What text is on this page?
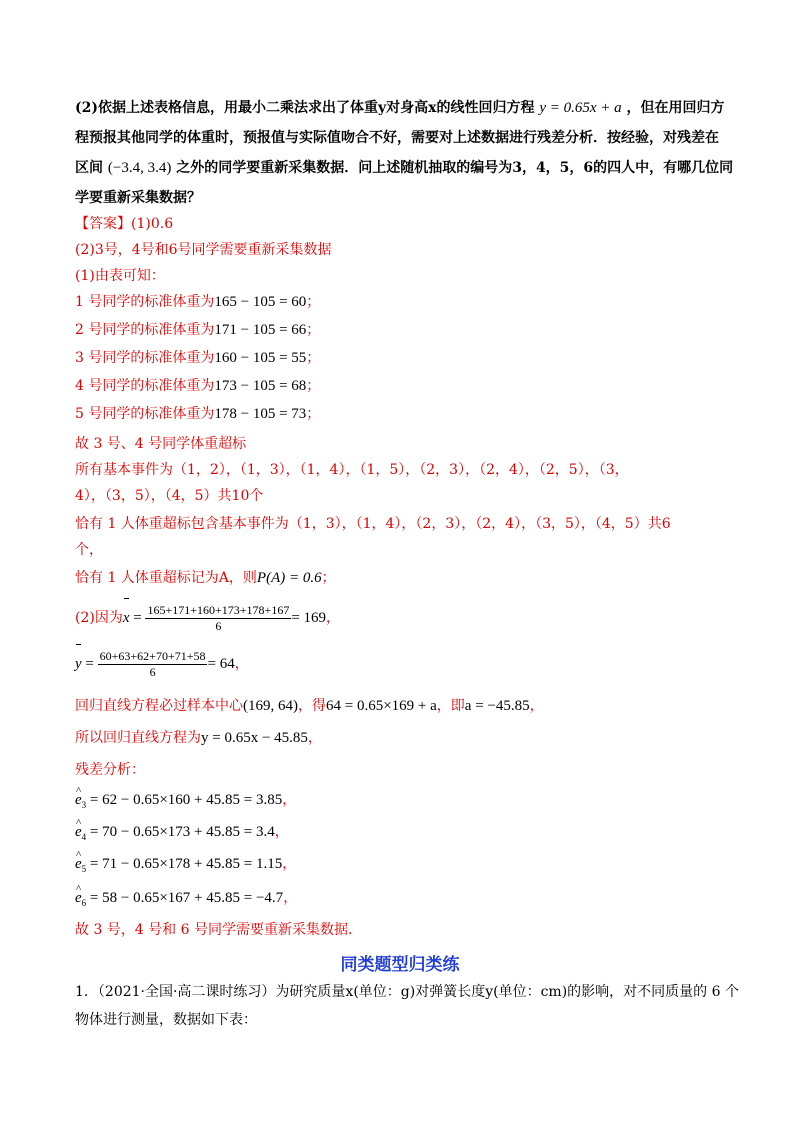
(2)依据上述表格信息，用最小二乘法求出了体重y对身高x的线性回归方程 y = 0.65x + a ，但在用回归方
程预报其他同学的体重时，预报值与实际值吻合不好，需要对上述数据进行残差分析．按经验，对残差在
区间 (−3.4, 3.4) 之外的同学要重新采集数据．问上述随机抽取的编号为3，4，5，6的四人中，有哪几位同
学要重新采集数据？
【答案】(1)0.6
(2)3号，4号和6号同学需要重新采集数据
(1)由表可知：
1 号同学的标准体重为165 − 105 = 60；
2 号同学的标准体重为171 − 105 = 66；
3 号同学的标准体重为160 − 105 = 55；
4 号同学的标准体重为173 − 105 = 68；
5 号同学的标准体重为178 − 105 = 73；
故 3 号、4 号同学体重超标
所有基本事件为（1，2），（1，3），（1，4），（1，5），（2，3），（2，4），（2，5），（3，
4），（3，5），（4，5）共10个
恰有 1 人体重超标包含基本事件为（1，3），（1，4），（2，3），（2，4），（3，5），（4，5）共6
个，
恰有 1 人体重超标记为A，则P(A) = 0.6；
(2)因为$x = \frac{165+171+160+173+178+167}{6} = 169$，
$y = \frac{60+63+62+70+71+58}{6} = 64$，
回归直线方程必过样本中心(169, 64)，得64 = 0.65×169 + a，即a = −45.85，
所以回归直线方程为y = 0.65x − 45.85，
残差分析：
^ $e_3 = 62 - 0.65\times 160 + 45.85 = 3.85$，
^ $e_4 = 70 - 0.65\times 173 + 45.85 = 3.4$，
^ $e_5 = 71 - 0.65\times 178 + 45.85 = 1.15$，
^ $e_6 = 58 - 0.65\times 167 + 45.85 = -4.7$，
故 3 号，4 号和 6 号同学需要重新采集数据.
同类题型归类练
1．（2021·全国·高二课时练习）为研究质量x(单位：g)对弹簧长度y(单位：cm)的影响，对不同质量的 6 个
物体进行测量，数据如下表：
